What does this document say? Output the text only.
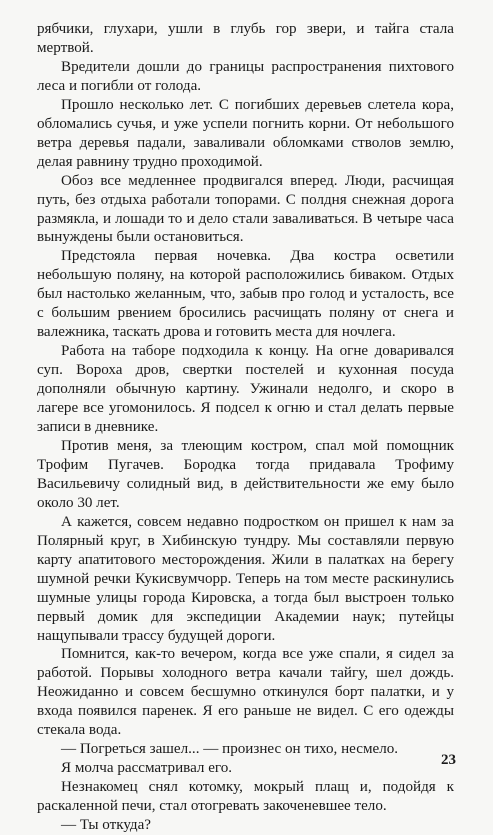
рябчики, глухари, ушли в глубь гор звери, и тайга стала мертвой.

Вредители дошли до границы распространения пихтового леса и погибли от голода.

Прошло несколько лет. С погибших деревьев слетела кора, обломались сучья, и уже успели погнить корни. От небольшого ветра деревья падали, заваливали обломками стволов землю, делая равнину трудно проходимой.

Обоз все медленнее продвигался вперед. Люди, расчищая путь, без отдыха работали топорами. С полдня снежная дорога размякла, и лошади то и дело стали заваливаться. В четыре часа вынуждены были остановиться.

Предстояла первая ночевка. Два костра осветили небольшую поляну, на которой расположились биваком. Отдых был настолько желанным, что, забыв про голод и усталость, все с большим рвением бросились расчищать поляну от снега и валежника, таскать дрова и готовить места для ночлега.

Работа на таборе подходила к концу. На огне доваривался суп. Вороха дров, свертки постелей и кухонная посуда дополняли обычную картину. Ужинали недолго, и скоро в лагере все угомонилось. Я подсел к огню и стал делать первые записи в дневнике.

Против меня, за тлеющим костром, спал мой помощник Трофим Пугачев. Бородка тогда придавала Трофиму Васильевичу солидный вид, в действительности же ему было около 30 лет.

А кажется, совсем недавно подростком он пришел к нам за Полярный круг, в Хибинскую тундру. Мы составляли первую карту апатитового месторождения. Жили в палатках на берегу шумной речки Кукисвумчорр. Теперь на том месте раскинулись шумные улицы города Кировска, а тогда был выстроен только первый домик для экспедиции Академии наук; путейцы нащупывали трассу будущей дороги.

Помнится, как-то вечером, когда все уже спали, я сидел за работой. Порывы холодного ветра качали тайгу, шел дождь. Неожиданно и совсем бесшумно откинулся борт палатки, и у входа появился паренек. Я его раньше не видел. С его одежды стекала вода.

— Погреться зашел... — произнес он тихо, несмело.

Я молча рассматривал его.

Незнакомец снял котомку, мокрый плащ и, подойдя к раскаленной печи, стал отогревать закоченевшее тело.

— Ты откуда?

23
